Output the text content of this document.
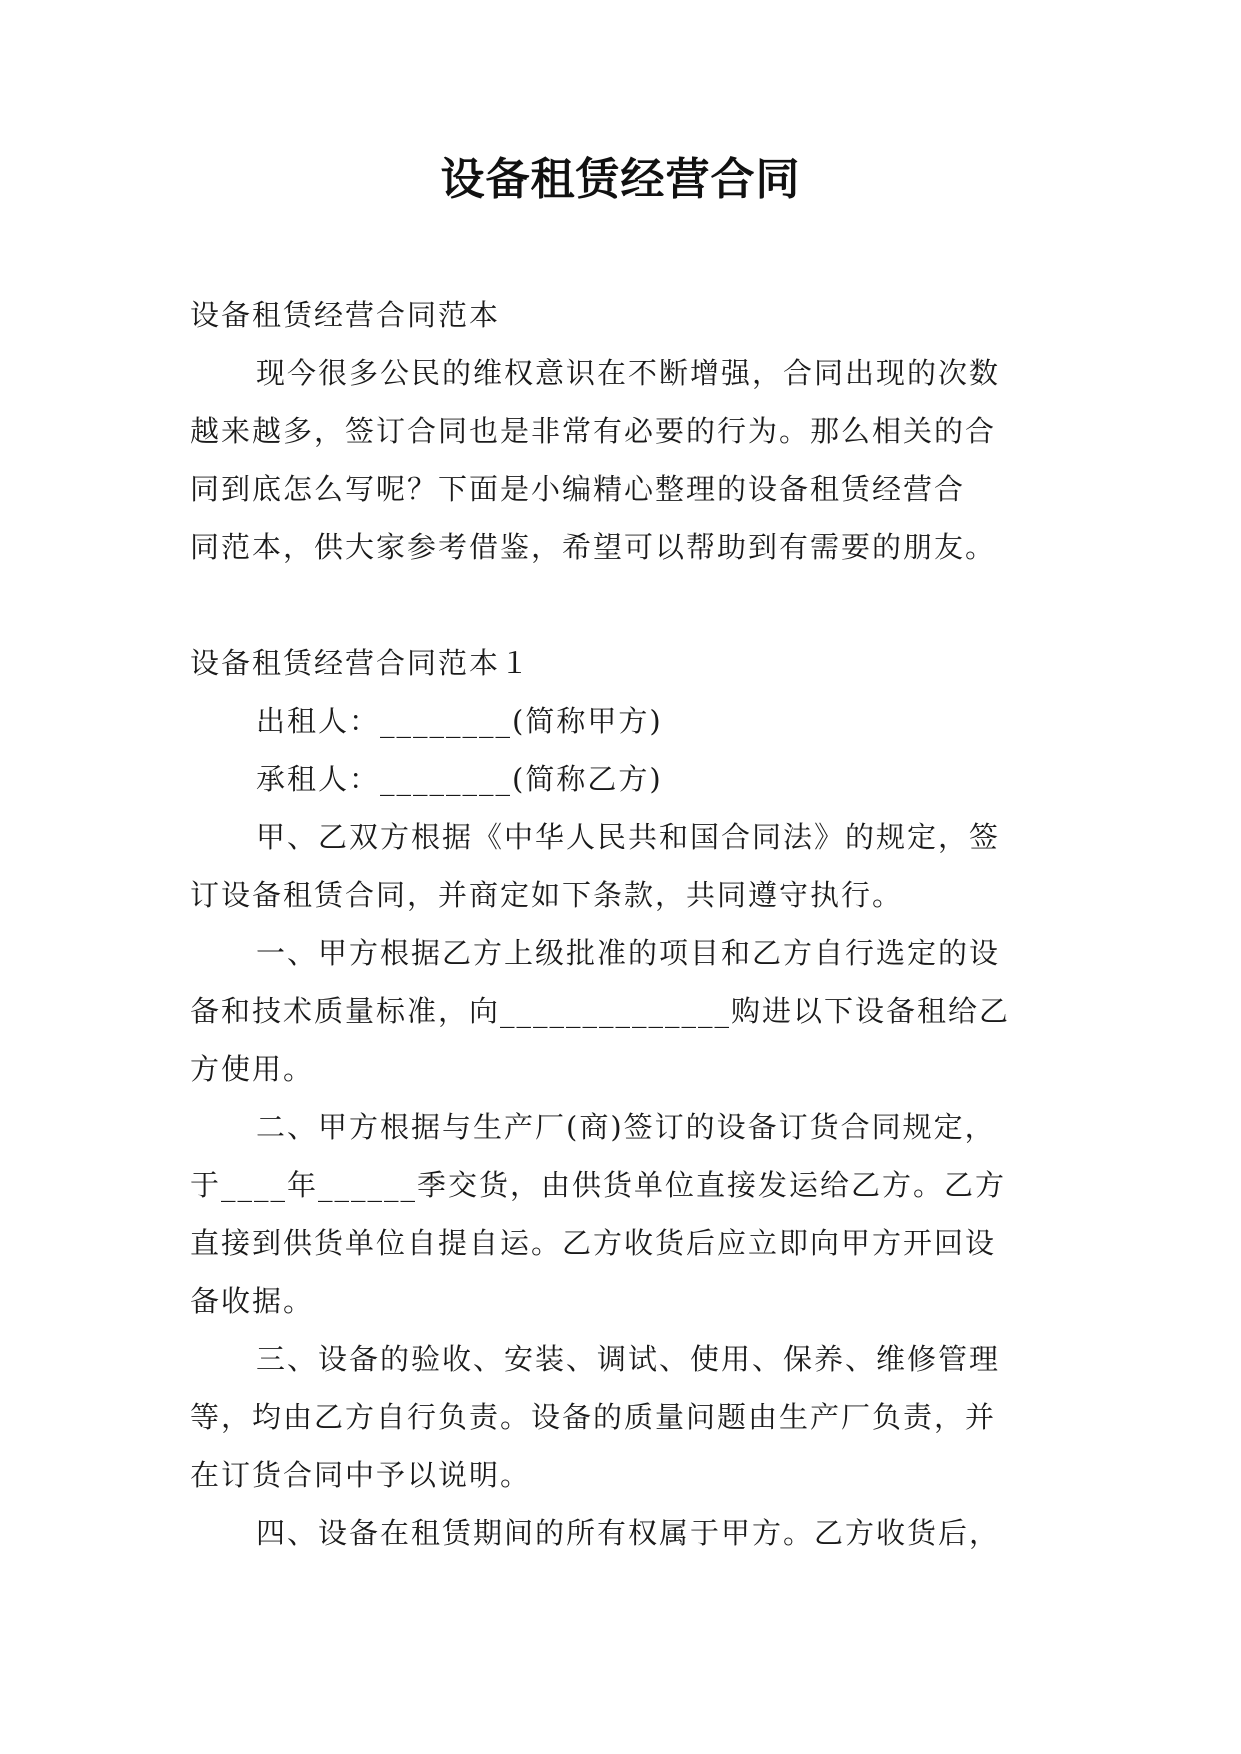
设备租赁经营合同

设备租赁经营合同范本

现今很多公民的维权意识在不断增强，合同出现的次数

越来越多，签订合同也是非常有必要的行为。那么相关的合

同到底怎么写呢？下面是小编精心整理的设备租赁经营合

同范本，供大家参考借鉴，希望可以帮助到有需要的朋友。

设备租赁经营合同范本１

出租人：________(简称甲方)

承租人：________(简称乙方)

甲、乙双方根据《中华人民共和国合同法》的规定，签

订设备租赁合同，并商定如下条款，共同遵守执行。

一、甲方根据乙方上级批准的项目和乙方自行选定的设

备和技术质量标准，向______________购进以下设备租给乙

方使用。

二、甲方根据与生产厂(商)签订的设备订货合同规定，

于____年______季交货，由供货单位直接发运给乙方。乙方

直接到供货单位自提自运。乙方收货后应立即向甲方开回设

备收据。

三、设备的验收、安装、调试、使用、保养、维修管理

等，均由乙方自行负责。设备的质量问题由生产厂负责，并

在订货合同中予以说明。

四、设备在租赁期间的所有权属于甲方。乙方收货后，
